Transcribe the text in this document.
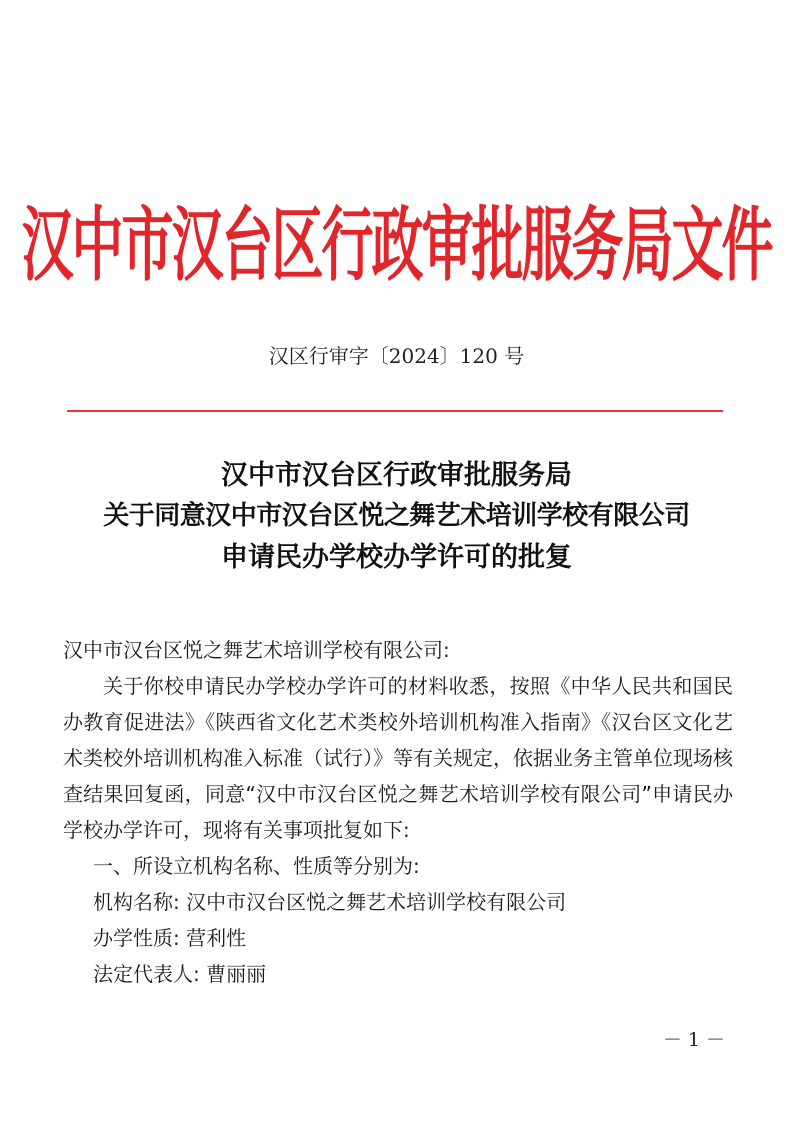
汉中市汉台区行政审批服务局文件
汉区行审字〔2024〕120 号
汉中市汉台区行政审批服务局
关于同意汉中市汉台区悦之舞艺术培训学校有限公司
申请民办学校办学许可的批复

汉中市汉台区悦之舞艺术培训学校有限公司:

关于你校申请民办学校办学许可的材料收悉，按照《中华人民共和国民办教育促进法》《陕西省文化艺术类校外培训机构准入指南》《汉台区文化艺术类校外培训机构准入标准（试行）》等有关规定，依据业务主管单位现场核查结果回复函，同意“汉中市汉台区悦之舞艺术培训学校有限公司”申请民办学校办学许可，现将有关事项批复如下:

一、所设立机构名称、性质等分别为:

机构名称: 汉中市汉台区悦之舞艺术培训学校有限公司

办学性质: 营利性

法定代表人: 曹丽丽

－ 1 －
